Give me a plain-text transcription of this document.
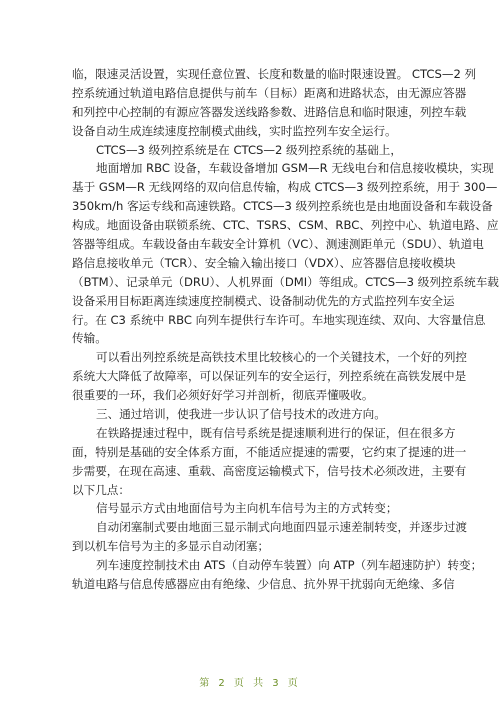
临，限速灵活设置，实现任意位置、长度和数量的临时限速设置。 CTCS—2 列
控系统通过轨道电路信息提供与前车（目标）距离和进路状态，由无源应答器
和列控中心控制的有源应答器发送线路参数、进路信息和临时限速，列控车载
设备自动生成连续速度控制模式曲线，实时监控列车安全运行。
CTCS—3 级列控系统是在 CTCS—2 级列控系统的基础上，
地面增加 RBC 设备，车载设备增加 GSM—R 无线电台和信息接收模块，实现
基于 GSM—R 无线网络的双向信息传输，构成 CTCS—3 级列控系统，用于 300—
350km/h 客运专线和高速铁路。CTCS—3 级列控系统也是由地面设备和车载设备
构成。地面设备由联锁系统、CTC、TSRS、CSM、RBC、列控中心、轨道电路、应
答器等组成。车载设备由车载安全计算机（VC）、测速测距单元（SDU）、轨道电
路信息接收单元（TCR）、安全输入输出接口（VDX）、应答器信息接收模块
（BTM）、记录单元（DRU）、人机界面（DMI）等组成。CTCS—3 级列控系统车载
设备采用目标距离连续速度控制模式、设备制动优先的方式监控列车安全运
行。在 C3 系统中 RBC 向列车提供行车许可。车地实现连续、双向、大容量信息
传输。
可以看出列控系统是高铁技术里比较核心的一个关键技术，一个好的列控
系统大大降低了故障率，可以保证列车的安全运行，列控系统在高铁发展中是
很重要的一环，我们必须好好学习并剖析，彻底弄懂吸收。
三、通过培训，使我进一步认识了信号技术的改进方向。
在铁路提速过程中，既有信号系统是提速顺利进行的保证，但在很多方
面，特别是基础的安全体系方面，不能适应提速的需要，它约束了提速的进一
步需要，在现在高速、重载、高密度运输模式下，信号技术必须改进，主要有
以下几点：
信号显示方式由地面信号为主向机车信号为主的方式转变；
自动闭塞制式要由地面三显示制式向地面四显示速差制转变，并逐步过渡
到以机车信号为主的多显示自动闭塞；
列车速度控制技术由 ATS（自动停车装置）向 ATP（列车超速防护）转变；
轨道电路与信息传感器应由有绝缘、少信息、抗外界干扰弱向无绝缘、多信
第 2 页 共 3 页
